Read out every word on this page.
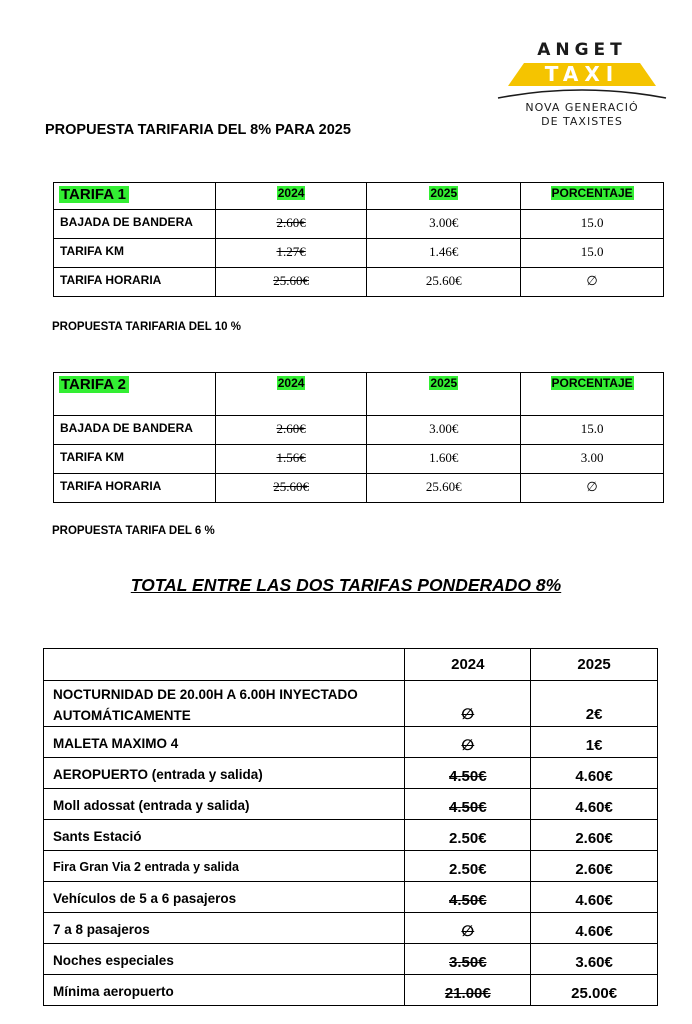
ANGET
TAXI
NOVA GENERACIÓ
DE TAXISTES
PROPUESTA TARIFARIA DEL 8% PARA 2025
TARIFA 1	2024	2025	PORCENTAJE
BAJADA DE BANDERA	2.60€	3.00€	15.0
TARIFA KM	1.27€	1.46€	15.0
TARIFA HORARIA	25.60€	25.60€	∅
PROPUESTA TARIFARIA DEL 10 %
TARIFA 2	2024	2025	PORCENTAJE
BAJADA DE BANDERA	2.60€	3.00€	15.0
TARIFA KM	1.56€	1.60€	3.00
TARIFA HORARIA	25.60€	25.60€	∅
PROPUESTA TARIFA DEL 6 %
TOTAL ENTRE LAS DOS TARIFAS PONDERADO 8%
	2024	2025
NOCTURNIDAD DE 20.00H A 6.00H INYECTADO AUTOMÁTICAMENTE	∅	2€
MALETA MAXIMO 4	∅	1€
AEROPUERTO (entrada y salida)	4.50€	4.60€
Moll adossat (entrada y salida)	4.50€	4.60€
Sants Estació	2.50€	2.60€
Fira Gran Via 2 entrada y salida	2.50€	2.60€
Vehículos de 5 a 6 pasajeros	4.50€	4.60€
7 a 8 pasajeros	∅	4.60€
Noches especiales	3.50€	3.60€
Mínima aeropuerto	21.00€	25.00€
